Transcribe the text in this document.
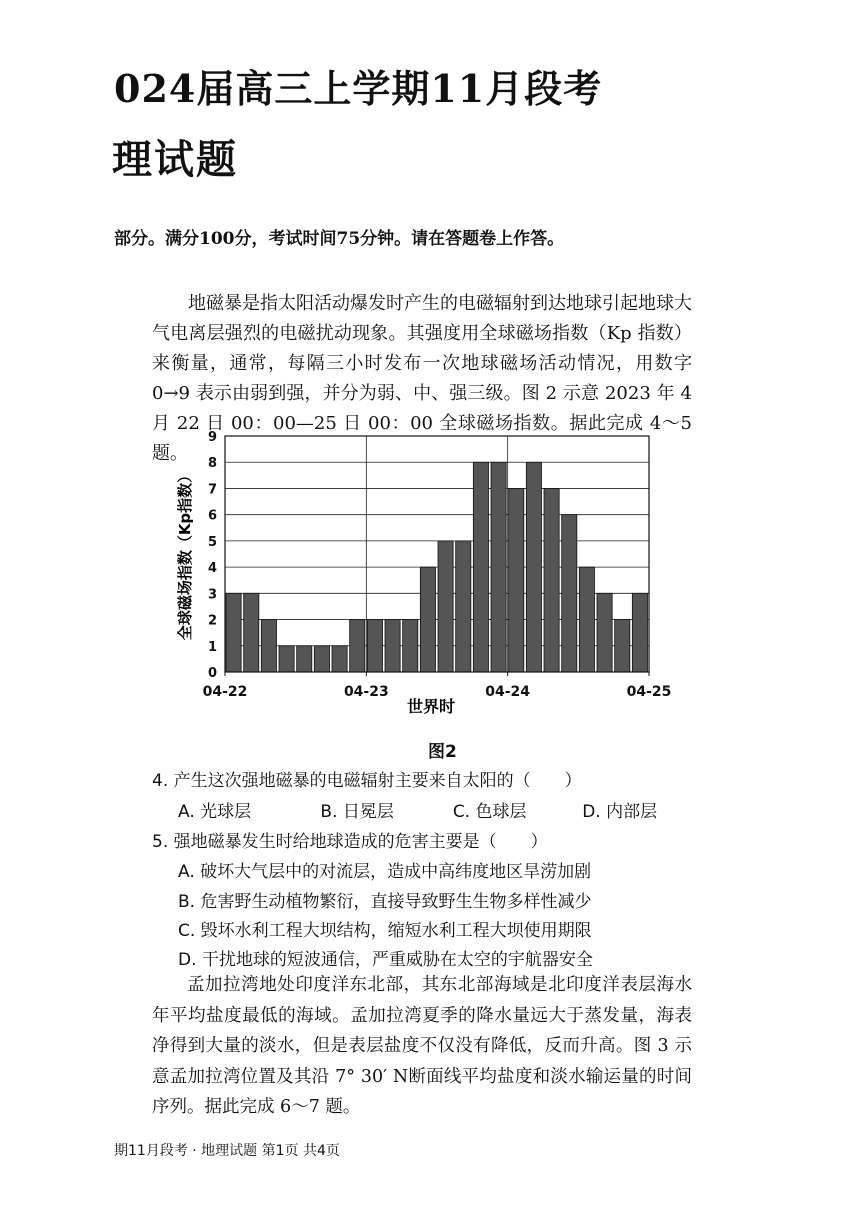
024届高三上学期11月段考
理试题
部分。满分100分，考试时间75分钟。请在答题卷上作答。

地磁暴是指太阳活动爆发时产生的电磁辐射到达地球引起地球大气电离层强烈的电磁扰动现象。其强度用全球磁场指数（Kp 指数）来衡量，通常，每隔三小时发布一次地球磁场活动情况，用数字 0→9 表示由弱到强，并分为弱、中、强三级。图 2 示意 2023 年 4 月 22 日 00：00—25 日 00：00 全球磁场指数。据此完成 4～5 题。

0
1
2
3
4
5
6
7
8
9
04-22	04-23	04-24	04-25
全球磁场指数（Kp指数）
世界时
图2
4. 产生这次强地磁暴的电磁辐射主要来自太阳的（　　）
A. 光球层	B. 日冕层	C. 色球层	D. 内部层
5. 强地磁暴发生时给地球造成的危害主要是（　　）
A. 破坏大气层中的对流层，造成中高纬度地区旱涝加剧
B. 危害野生动植物繁衍，直接导致野生生物多样性减少
C. 毁坏水利工程大坝结构，缩短水利工程大坝使用期限
D. 干扰地球的短波通信，严重威胁在太空的宇航器安全

孟加拉湾地处印度洋东北部，其东北部海域是北印度洋表层海水年平均盐度最低的海域。孟加拉湾夏季的降水量远大于蒸发量，海表净得到大量的淡水，但是表层盐度不仅没有降低，反而升高。图 3 示意孟加拉湾位置及其沿 7° 30′ N断面线平均盐度和淡水输运量的时间序列。据此完成 6～7 题。

期11月段考 · 地理试题 第1页 共4页
